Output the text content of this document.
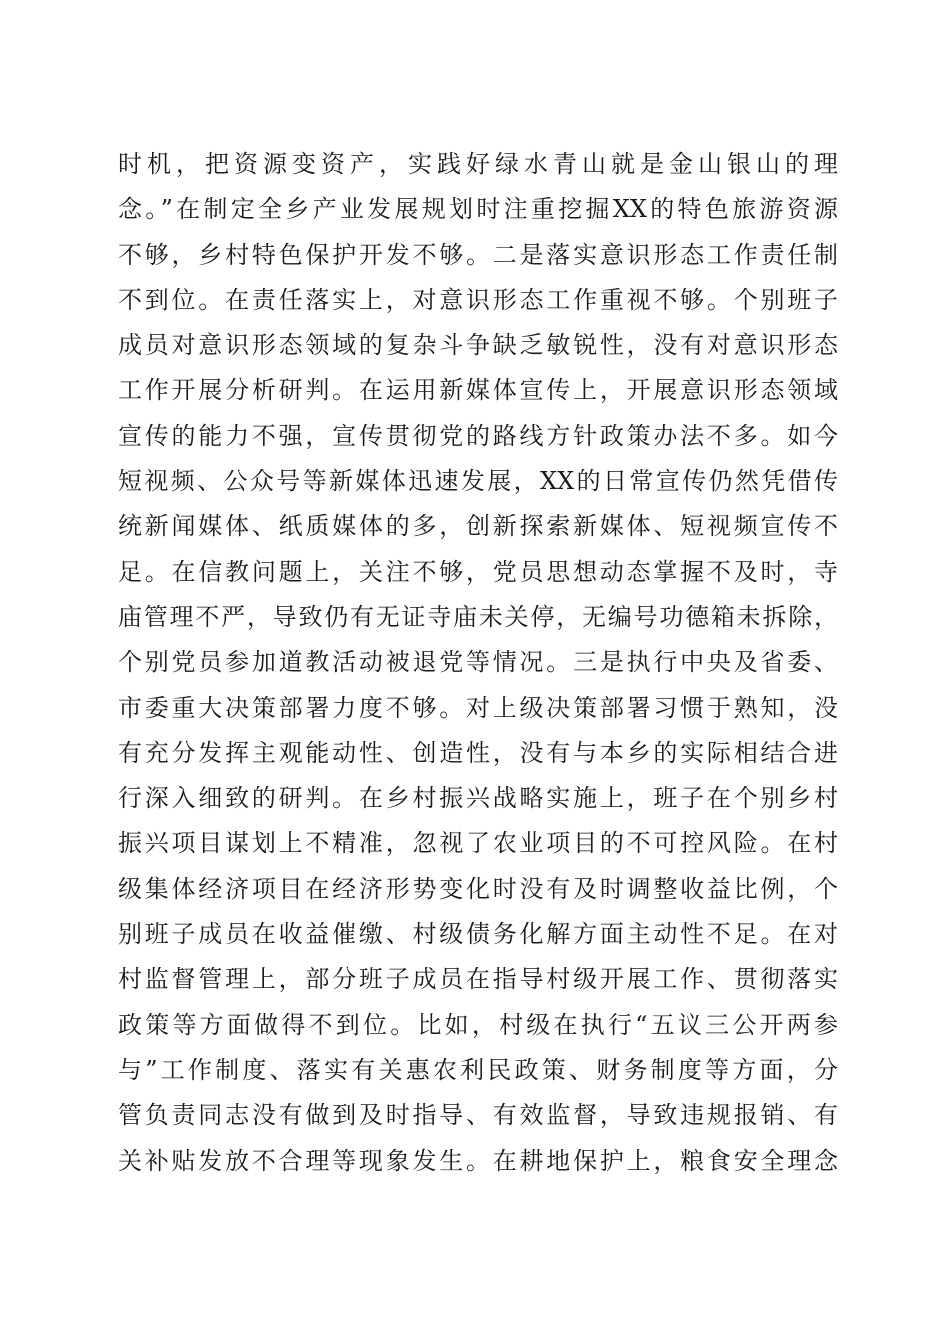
时机，把资源变资产，实践好绿水青山就是金山银山的理
念。”在制定全乡产业发展规划时注重挖掘XX的特色旅游资源
不够，乡村特色保护开发不够。二是落实意识形态工作责任制
不到位。在责任落实上，对意识形态工作重视不够。个别班子
成员对意识形态领域的复杂斗争缺乏敏锐性，没有对意识形态
工作开展分析研判。在运用新媒体宣传上，开展意识形态领域
宣传的能力不强，宣传贯彻党的路线方针政策办法不多。如今
短视频、公众号等新媒体迅速发展，XX的日常宣传仍然凭借传
统新闻媒体、纸质媒体的多，创新探索新媒体、短视频宣传不
足。在信教问题上，关注不够，党员思想动态掌握不及时，寺
庙管理不严，导致仍有无证寺庙未关停，无编号功德箱未拆除，
个别党员参加道教活动被退党等情况。三是执行中央及省委、
市委重大决策部署力度不够。对上级决策部署习惯于熟知，没
有充分发挥主观能动性、创造性，没有与本乡的实际相结合进
行深入细致的研判。在乡村振兴战略实施上，班子在个别乡村
振兴项目谋划上不精准，忽视了农业项目的不可控风险。在村
级集体经济项目在经济形势变化时没有及时调整收益比例，个
别班子成员在收益催缴、村级债务化解方面主动性不足。在对
村监督管理上，部分班子成员在指导村级开展工作、贯彻落实
政策等方面做得不到位。比如，村级在执行“五议三公开两参
与”工作制度、落实有关惠农利民政策、财务制度等方面，分
管负责同志没有做到及时指导、有效监督，导致违规报销、有
关补贴发放不合理等现象发生。在耕地保护上，粮食安全理念
